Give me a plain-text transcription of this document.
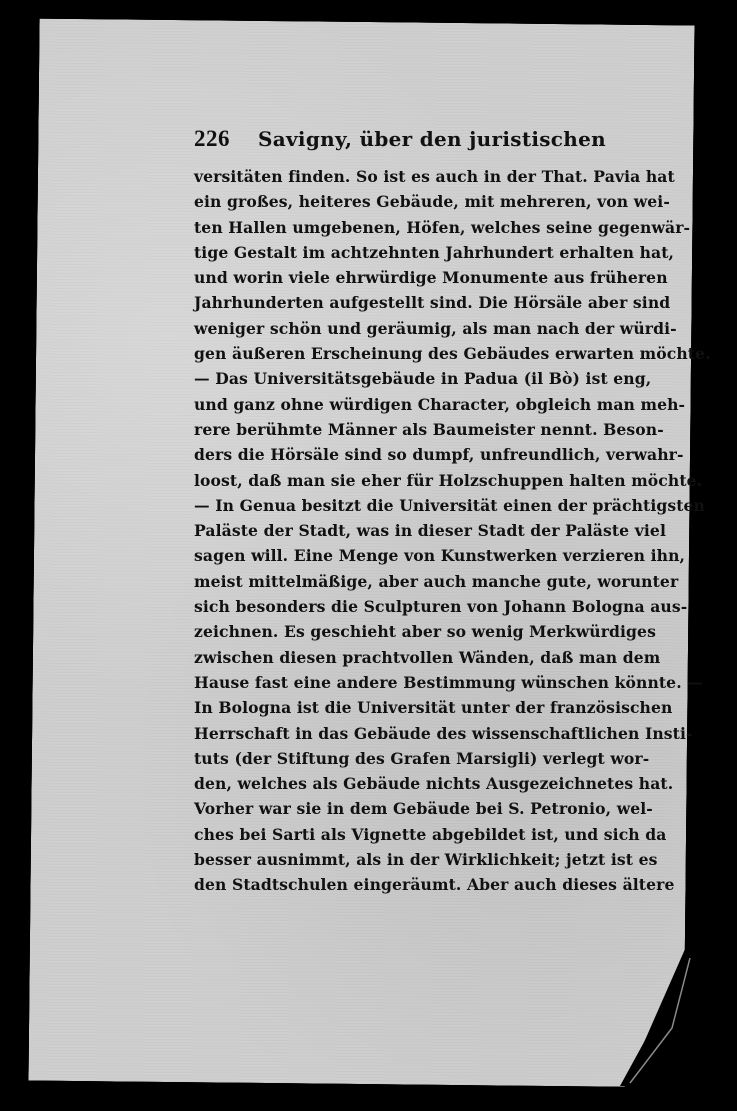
226 Savigny, über den juristischen
versitäten finden. So ist es auch in der That. Pavia hat
ein großes, heiteres Gebäude, mit mehreren, von wei-
ten Hallen umgebenen, Höfen, welches seine gegenwär-
tige Gestalt im achtzehnten Jahrhundert erhalten hat,
und worin viele ehrwürdige Monumente aus früheren
Jahrhunderten aufgestellt sind. Die Hörsäle aber sind
weniger schön und geräumig, als man nach der würdi-
gen äußeren Erscheinung des Gebäudes erwarten möchte.
— Das Universitätsgebäude in Padua (il Bò) ist eng,
und ganz ohne würdigen Character, obgleich man meh-
rere berühmte Männer als Baumeister nennt. Beson-
ders die Hörsäle sind so dumpf, unfreundlich, verwahr-
loost, daß man sie eher für Holzschuppen halten möchte.
— In Genua besitzt die Universität einen der prächtigsten
Paläste der Stadt, was in dieser Stadt der Paläste viel
sagen will. Eine Menge von Kunstwerken verzieren ihn,
meist mittelmäßige, aber auch manche gute, worunter
sich besonders die Sculpturen von Johann Bologna aus-
zeichnen. Es geschieht aber so wenig Merkwürdiges
zwischen diesen prachtvollen Wänden, daß man dem
Hause fast eine andere Bestimmung wünschen könnte. —
In Bologna ist die Universität unter der französischen
Herrschaft in das Gebäude des wissenschaftlichen Insti-
tuts (der Stiftung des Grafen Marsigli) verlegt wor-
den, welches als Gebäude nichts Ausgezeichnetes hat.
Vorher war sie in dem Gebäude bei S. Petronio, wel-
ches bei Sarti als Vignette abgebildet ist, und sich da
besser ausnimmt, als in der Wirklichkeit; jetzt ist es
den Stadtschulen eingeräumt. Aber auch dieses ältere
